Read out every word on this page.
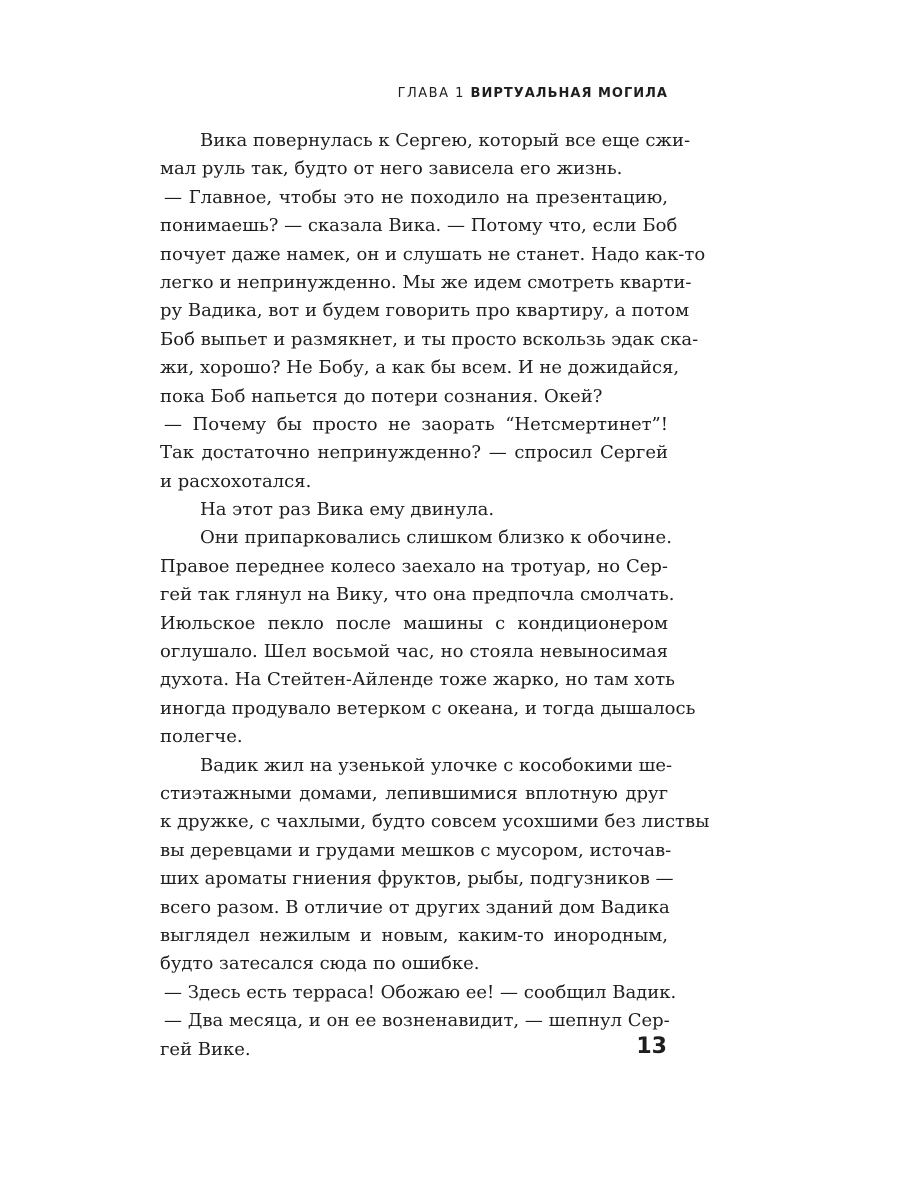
ГЛАВА 1 ВИРТУАЛЬНАЯ МОГИЛА
Вика повернулась к Сергею, который все еще сжи-
мал руль так, будто от него зависела его жизнь.
— Главное, чтобы это не походило на презентацию,
понимаешь? — сказала Вика. — Потому что, если Боб
почует даже намек, он и слушать не станет. Надо как-то
легко и непринужденно. Мы же идем смотреть кварти-
ру Вадика, вот и будем говорить про квартиру, а потом
Боб выпьет и размякнет, и ты просто вскользь эдак ска-
жи, хорошо? Не Бобу, а как бы всем. И не дожидайся,
пока Боб напьется до потери сознания. Окей?
— Почему бы просто не заорать “Нетсмертинет”!
Так достаточно непринужденно? — спросил Сергей
и расхохотался.
На этот раз Вика ему двинула.
Они припарковались слишком близко к обочине.
Правое переднее колесо заехало на тротуар, но Сер-
гей так глянул на Вику, что она предпочла смолчать.
Июльское пекло после машины с кондиционером
оглушало. Шел восьмой час, но стояла невыносимая
духота. На Стейтен-Айленде тоже жарко, но там хоть
иногда продувало ветерком с океана, и тогда дышалось
полегче.
Вадик жил на узенькой улочке с кособокими ше-
стиэтажными домами, лепившимися вплотную друг
к дружке, с чахлыми, будто совсем усохшими без листвы
вы деревцами и грудами мешков с мусором, источав-
ших ароматы гниения фруктов, рыбы, подгузников —
всего разом. В отличие от других зданий дом Вадика
выглядел нежилым и новым, каким-то инородным,
будто затесался сюда по ошибке.
— Здесь есть терраса! Обожаю ее! — сообщил Вадик.
— Два месяца, и он ее возненавидит, — шепнул Сер-
гей Вике.	13
